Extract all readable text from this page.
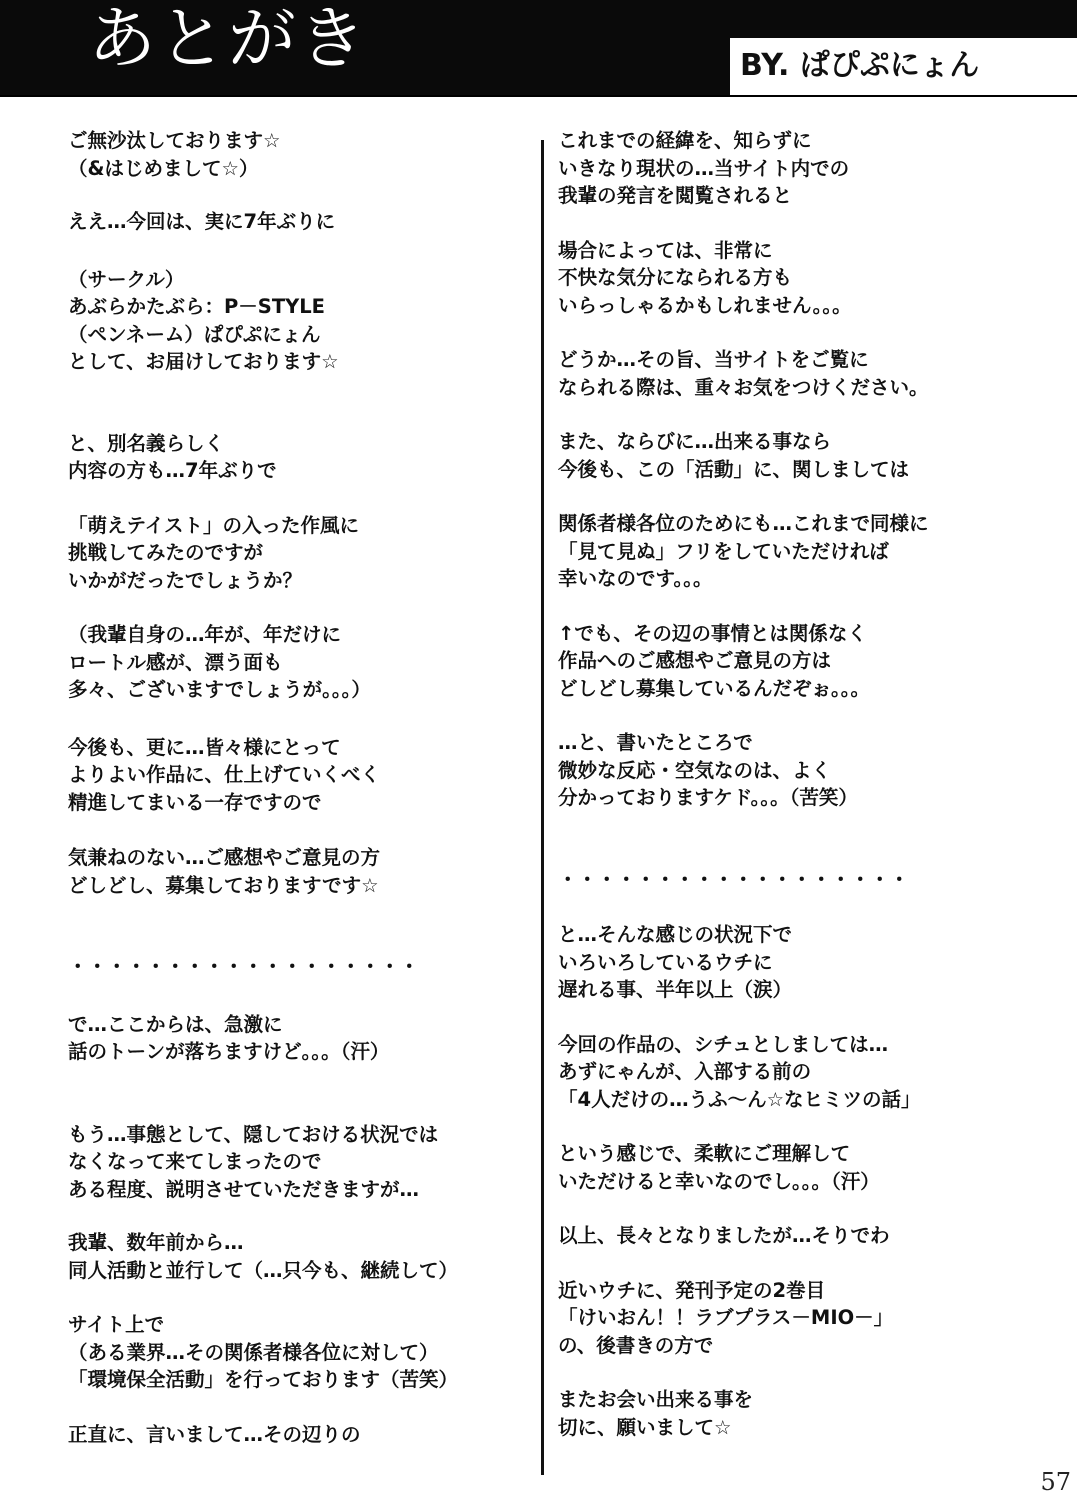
あとがき	BY. ぱぴぷにょん
ご無沙汰しております☆
（&はじめまして☆）
ええ…今回は、実に7年ぶりに
（サークル）
あぶらかたぶら：P－STYLE
（ペンネーム）ぱぴぷにょん
として、お届けしております☆
と、別名義らしく
内容の方も…7年ぶりで
「萌えテイスト」の入った作風に
挑戦してみたのですが
いかがだったでしょうか？
（我輩自身の…年が、年だけに
ロートル感が、漂う面も
多々、ございますでしょうが。。。）
今後も、更に…皆々様にとって
よりよい作品に、仕上げていくべく
精進してまいる一存ですので
気兼ねのない…ご感想やご意見の方
どしどし、募集しておりますです☆
・・・・・・・・・・・・・・・・・・
で…ここからは、急激に
話のトーンが落ちますけど。。。（汗）
もう…事態として、隠しておける状況では
なくなって来てしまったので
ある程度、説明させていただきますが…
我輩、数年前から…
同人活動と並行して（…只今も、継続して）
サイト上で
（ある業界…その関係者様各位に対して）
「環境保全活動」を行っております（苦笑）
正直に、言いまして…その辺りの
これまでの経緯を、知らずに
いきなり現状の…当サイト内での
我輩の発言を閲覧されると
場合によっては、非常に
不快な気分になられる方も
いらっしゃるかもしれません。。。
どうか…その旨、当サイトをご覧に
なられる際は、重々お気をつけください。
また、ならびに…出来る事なら
今後も、この「活動」に、関しましては
関係者様各位のためにも…これまで同様に
「見て見ぬ」フリをしていただければ
幸いなのです。。。
↑でも、その辺の事情とは関係なく
作品へのご感想やご意見の方は
どしどし募集しているんだぞぉ。。。
…と、書いたところで
微妙な反応・空気なのは、よく
分かっておりますケド。。。（苦笑）
・・・・・・・・・・・・・・・・・・
と…そんな感じの状況下で
いろいろしているウチに
遅れる事、半年以上（涙）
今回の作品の、シチュとしましては…
あずにゃんが、入部する前の
「4人だけの…うふ～ん☆なヒミツの話」
という感じで、柔軟にご理解して
いただけると幸いなのでし。。。（汗）
以上、長々となりましたが…そりでわ
近いウチに、発刊予定の2巻目
「けいおん！！ラブプラス－MIO－」
の、後書きの方で
またお会い出来る事を
切に、願いまして☆
57
